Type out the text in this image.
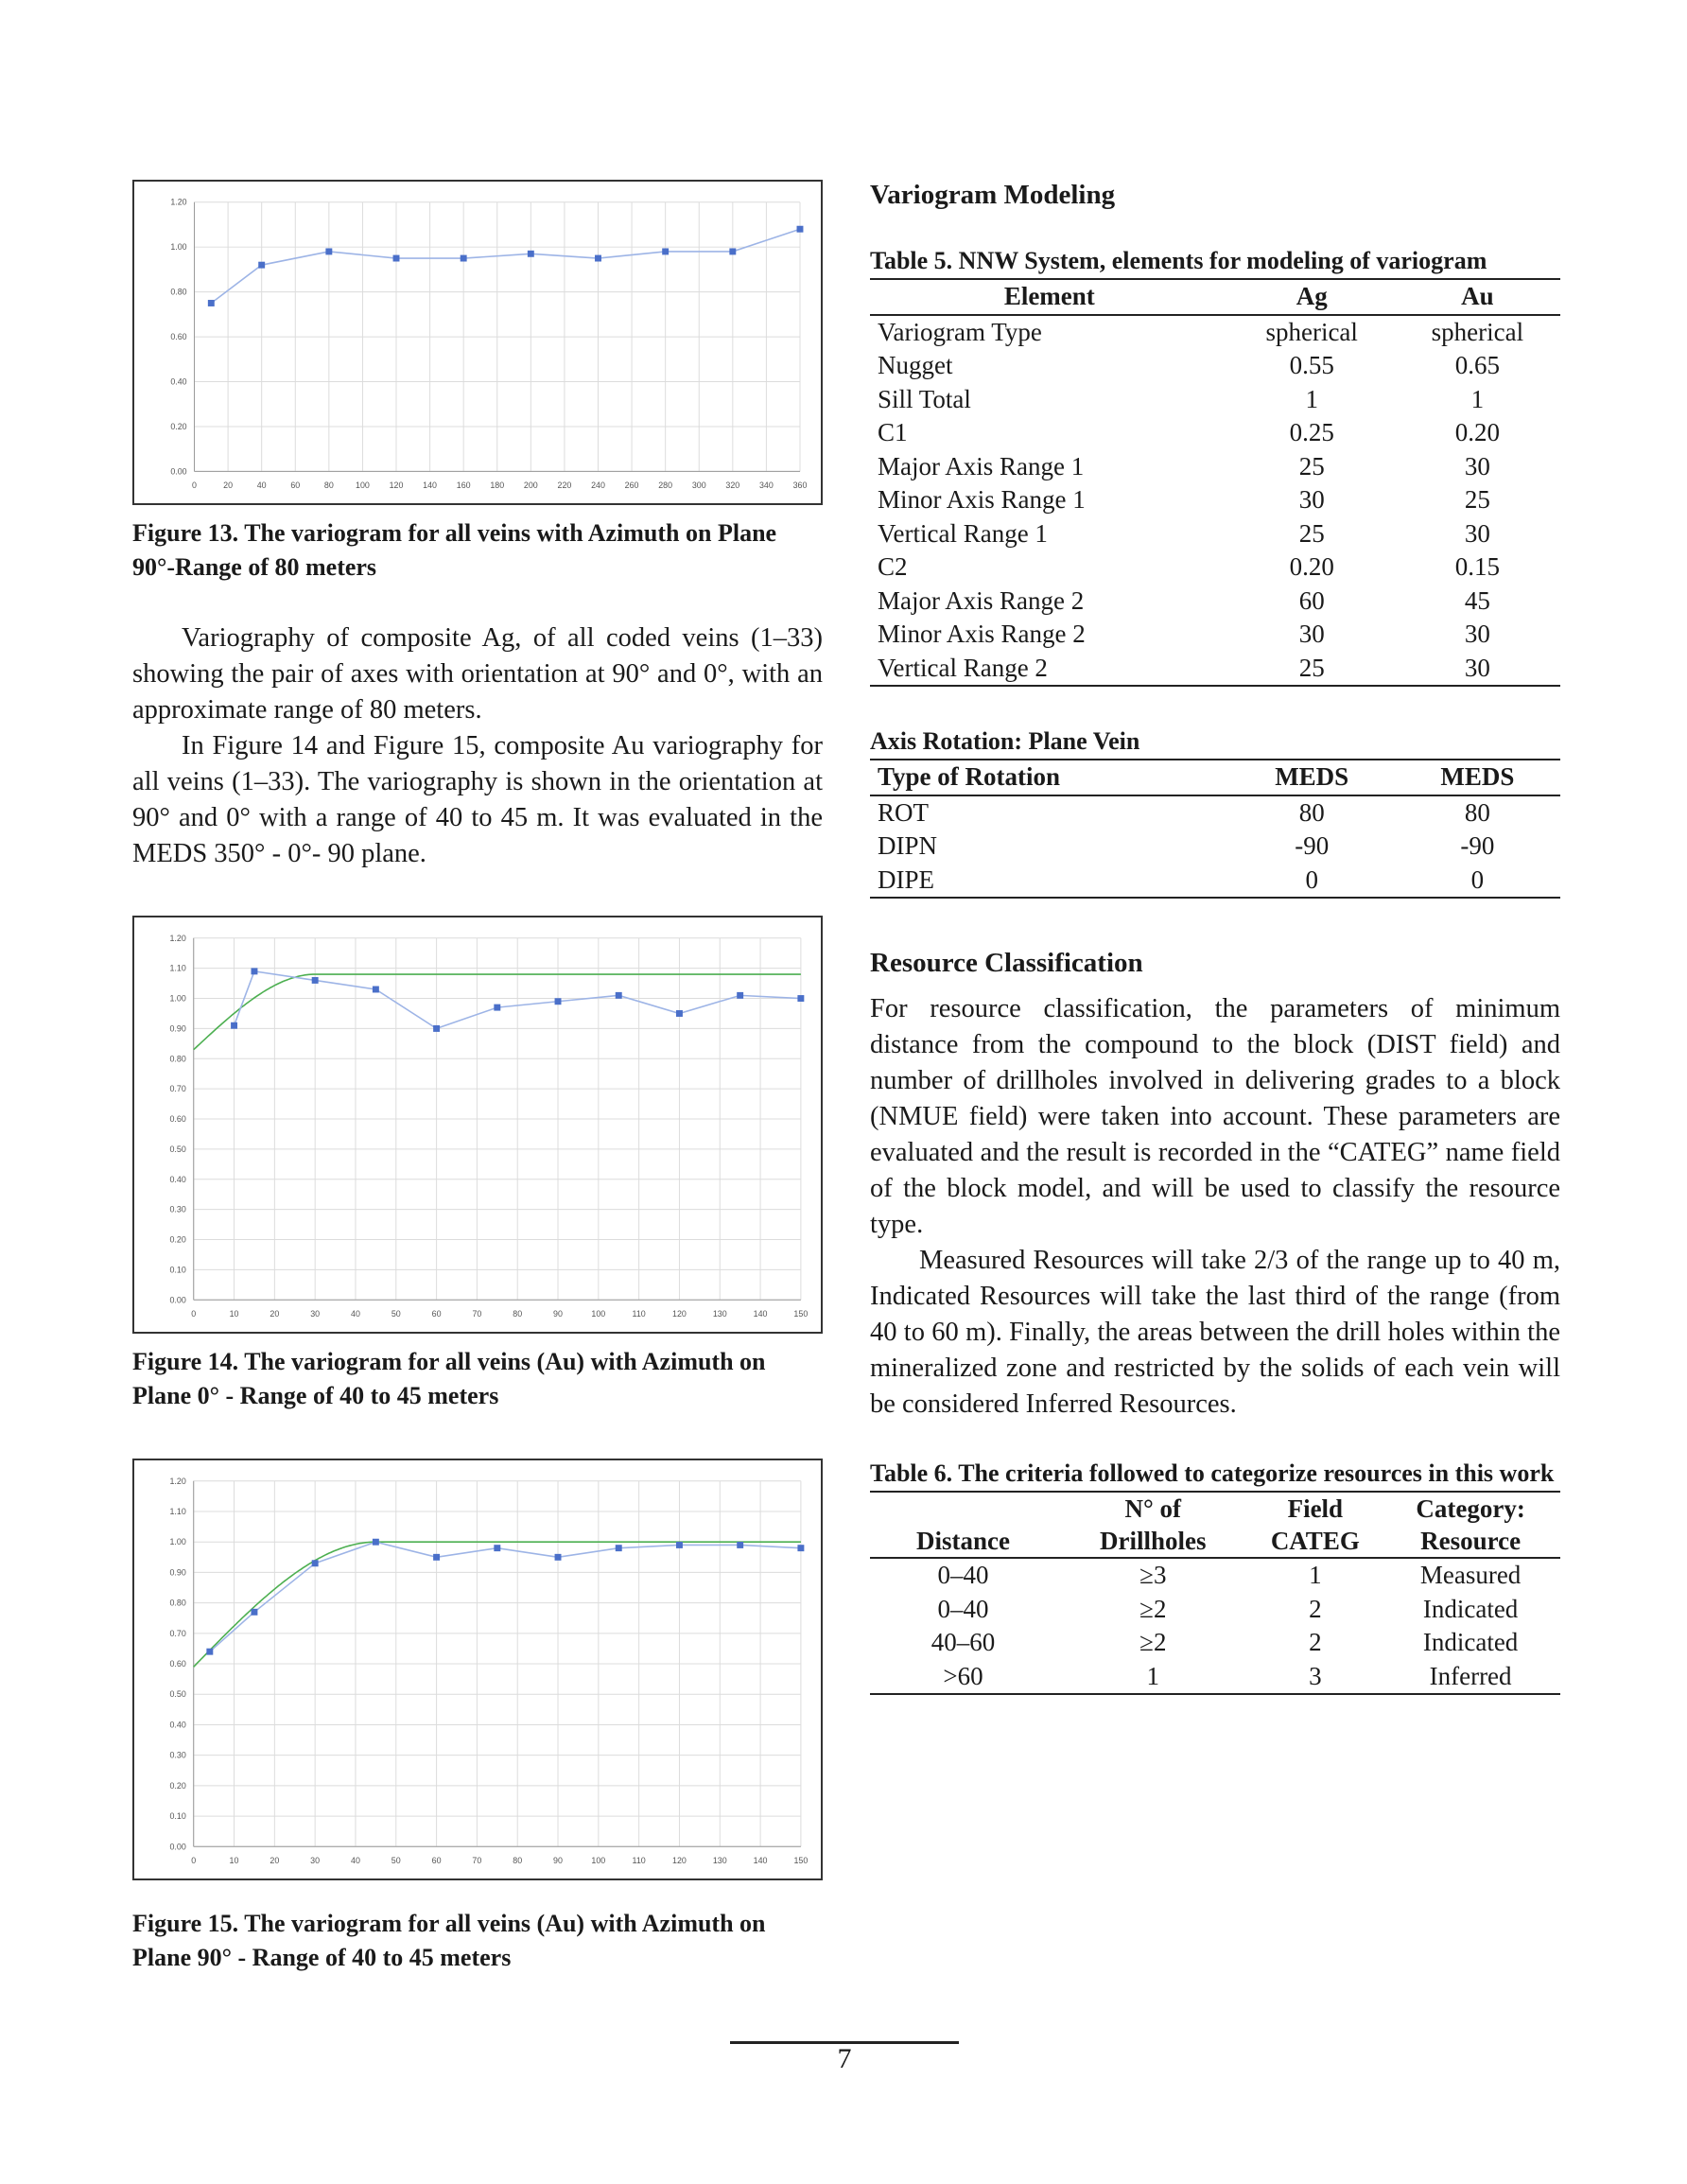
0.00
0.20
0.40
0.60
0.80
1.00
1.20
0	20	40	60	80	100 120 140 160 180 200 220 240 260 280 300 320 340 360

Figure 13. The variogram for all veins with Azimuth on Plane 90°-Range of 80 meters

Variography of composite Ag, of all coded veins (1–33) showing the pair of axes with orientation at 90° and 0°, with an approximate range of 80 meters.

In Figure 14 and Figure 15, composite Au variography for all veins (1–33). The variography is shown in the orientation at 90° and 0° with a range of 40 to 45 m. It was evaluated in the MEDS 350° - 0°- 90 plane.

0.00
0.10
0.20
0.30
0.40
0.50
0.60
0.70
0.80
0.90
1.00
1.10
1.20
0	10	20	30	40	50	60	70	80	90	100	110	120	130	140	150

Figure 14. The variogram for all veins (Au) with Azimuth on Plane 0° - Range of 40 to 45 meters

0.00
0.10
0.20
0.30
0.40
0.50
0.60
0.70
0.80
0.90
1.00
1.10
1.20
0	10	20	30	40	50	60	70	80	90	100	110	120	130	140	150

Figure 15. The variogram for all veins (Au) with Azimuth on Plane 90° - Range of 40 to 45 meters

Variogram Modeling

Table 5. NNW System, elements for modeling of variogram

Element	Ag	Au
Variogram Type	spherical	spherical
Nugget	0.55	0.65
Sill Total	1	1
C1	0.25	0.20
Major Axis Range 1	25	30
Minor Axis Range 1	30	25
Vertical Range 1	25	30
C2	0.20	0.15
Major Axis Range 2	60	45
Minor Axis Range 2	30	30
Vertical Range 2	25	30

Axis Rotation: Plane Vein

Type of Rotation	MEDS	MEDS
ROT	80	80
DIPN	-90	-90
DIPE	0	0
Resource Classification

For resource classification, the parameters of minimum distance from the compound to the block (DIST field) and number of drillholes involved in delivering grades to a block (NMUE field) were taken into account. These parameters are evaluated and the result is recorded in the “CATEG” name field of the block model, and will be used to classify the resource type.

Measured Resources will take 2/3 of the range up to 40 m, Indicated Resources will take the last third of the range (from 40 to 60 m). Finally, the areas between the drill holes within the mineralized zone and restricted by the solids of each vein will be considered Inferred Resources.

Table 6. The criteria followed to categorize resources in this work

	N° of	Field	Category:
Distance	Drillholes	CATEG	Resource
0–40	≥3	1	Measured
0–40	≥2	2	Indicated
40–60	≥2	2	Indicated
>60	1	3	Inferred
7
